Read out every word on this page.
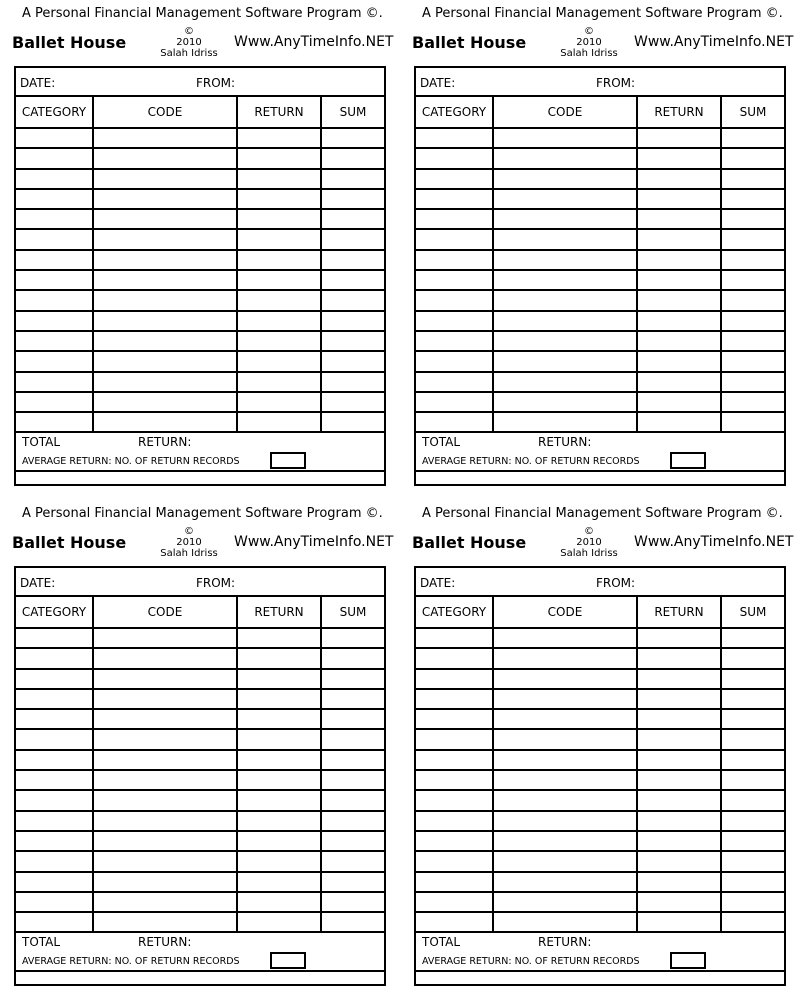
A Personal Financial Management Software Program ©.
Ballet House
©
2010
Salah Idriss
Www.AnyTimeInfo.NET
DATE:	FROM:
CATEGORY	CODE	RETURN	SUM

TOTAL	RETURN:
AVERAGE RETURN: NO. OF RETURN RECORDS
A Personal Financial Management Software Program ©.
Ballet House
©
2010
Salah Idriss
Www.AnyTimeInfo.NET
DATE:	FROM:
CATEGORY	CODE	RETURN	SUM

TOTAL	RETURN:
AVERAGE RETURN: NO. OF RETURN RECORDS
A Personal Financial Management Software Program ©.
Ballet House
©
2010
Salah Idriss
Www.AnyTimeInfo.NET
DATE:	FROM:
CATEGORY	CODE	RETURN	SUM

TOTAL	RETURN:
AVERAGE RETURN: NO. OF RETURN RECORDS
A Personal Financial Management Software Program ©.
Ballet House
©
2010
Salah Idriss
Www.AnyTimeInfo.NET
DATE:	FROM:
CATEGORY	CODE	RETURN	SUM

TOTAL	RETURN:
AVERAGE RETURN: NO. OF RETURN RECORDS
